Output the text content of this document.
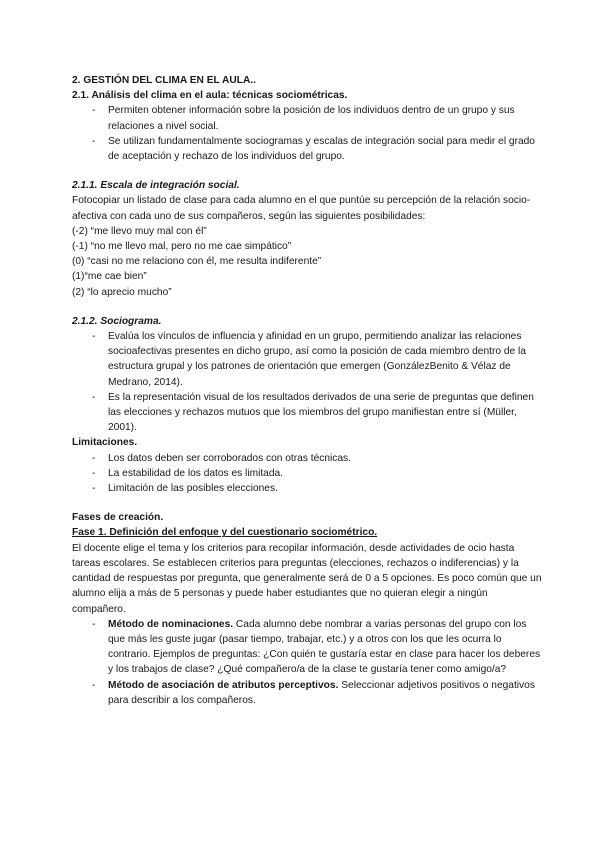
2. GESTIÓN DEL CLIMA EN EL AULA..

2.1. Análisis del clima en el aula: técnicas sociométricas.

- Permiten obtener información sobre la posición de los individuos dentro de un grupo y sus relaciones a nivel social.
- Se utilizan fundamentalmente sociogramas y escalas de integración social para medir el grado de aceptación y rechazo de los individuos del grupo.

2.1.1. Escala de integración social.

Fotocopiar un listado de clase para cada alumno en el que puntúe su percepción de la relación socio-afectiva con cada uno de sus compañeros, según las siguientes posibilidades:

(-2) “me llevo muy mal con él”

(-1) “no me llevo mal, pero no me cae simpático”

(0) “casi no me relaciono con él, me resulta indiferente”

(1)“me cae bien”

(2) “lo aprecio mucho”

2.1.2. Sociograma.

- Evalúa los vínculos de influencia y afinidad en un grupo, permitiendo analizar las relaciones socioafectivas presentes en dicho grupo, así como la posición de cada miembro dentro de la estructura grupal y los patrones de orientación que emergen (GonzálezBenito & Vélaz de Medrano, 2014).
- Es la representación visual de los resultados derivados de una serie de preguntas que definen las elecciones y rechazos mutuos que los miembros del grupo manifiestan entre sí (Müller, 2001).

Limitaciones.

- Los datos deben ser corroborados con otras técnicas.
- La estabilidad de los datos es limitada.
- Limitación de las posibles elecciones.

Fases de creación.

Fase 1. Definición del enfoque y del cuestionario sociométrico.

El docente elige el tema y los criterios para recopilar información, desde actividades de ocio hasta tareas escolares. Se establecen criterios para preguntas (elecciones, rechazos o indiferencias) y la cantidad de respuestas por pregunta, que generalmente será de 0 a 5 opciones. Es poco común que un alumno elija a más de 5 personas y puede haber estudiantes que no quieran elegir a ningún compañero.

- Método de nominaciones. Cada alumno debe nombrar a varias personas del grupo con los que más les guste jugar (pasar tiempo, trabajar, etc.) y a otros con los que les ocurra lo contrario. Ejemplos de preguntas: ¿Con quién te gustaría estar en clase para hacer los deberes y los trabajos de clase? ¿Qué compañero/a de la clase te gustaría tener como amigo/a?
- Método de asociación de atributos perceptivos. Seleccionar adjetivos positivos o negativos para describir a los compañeros.
